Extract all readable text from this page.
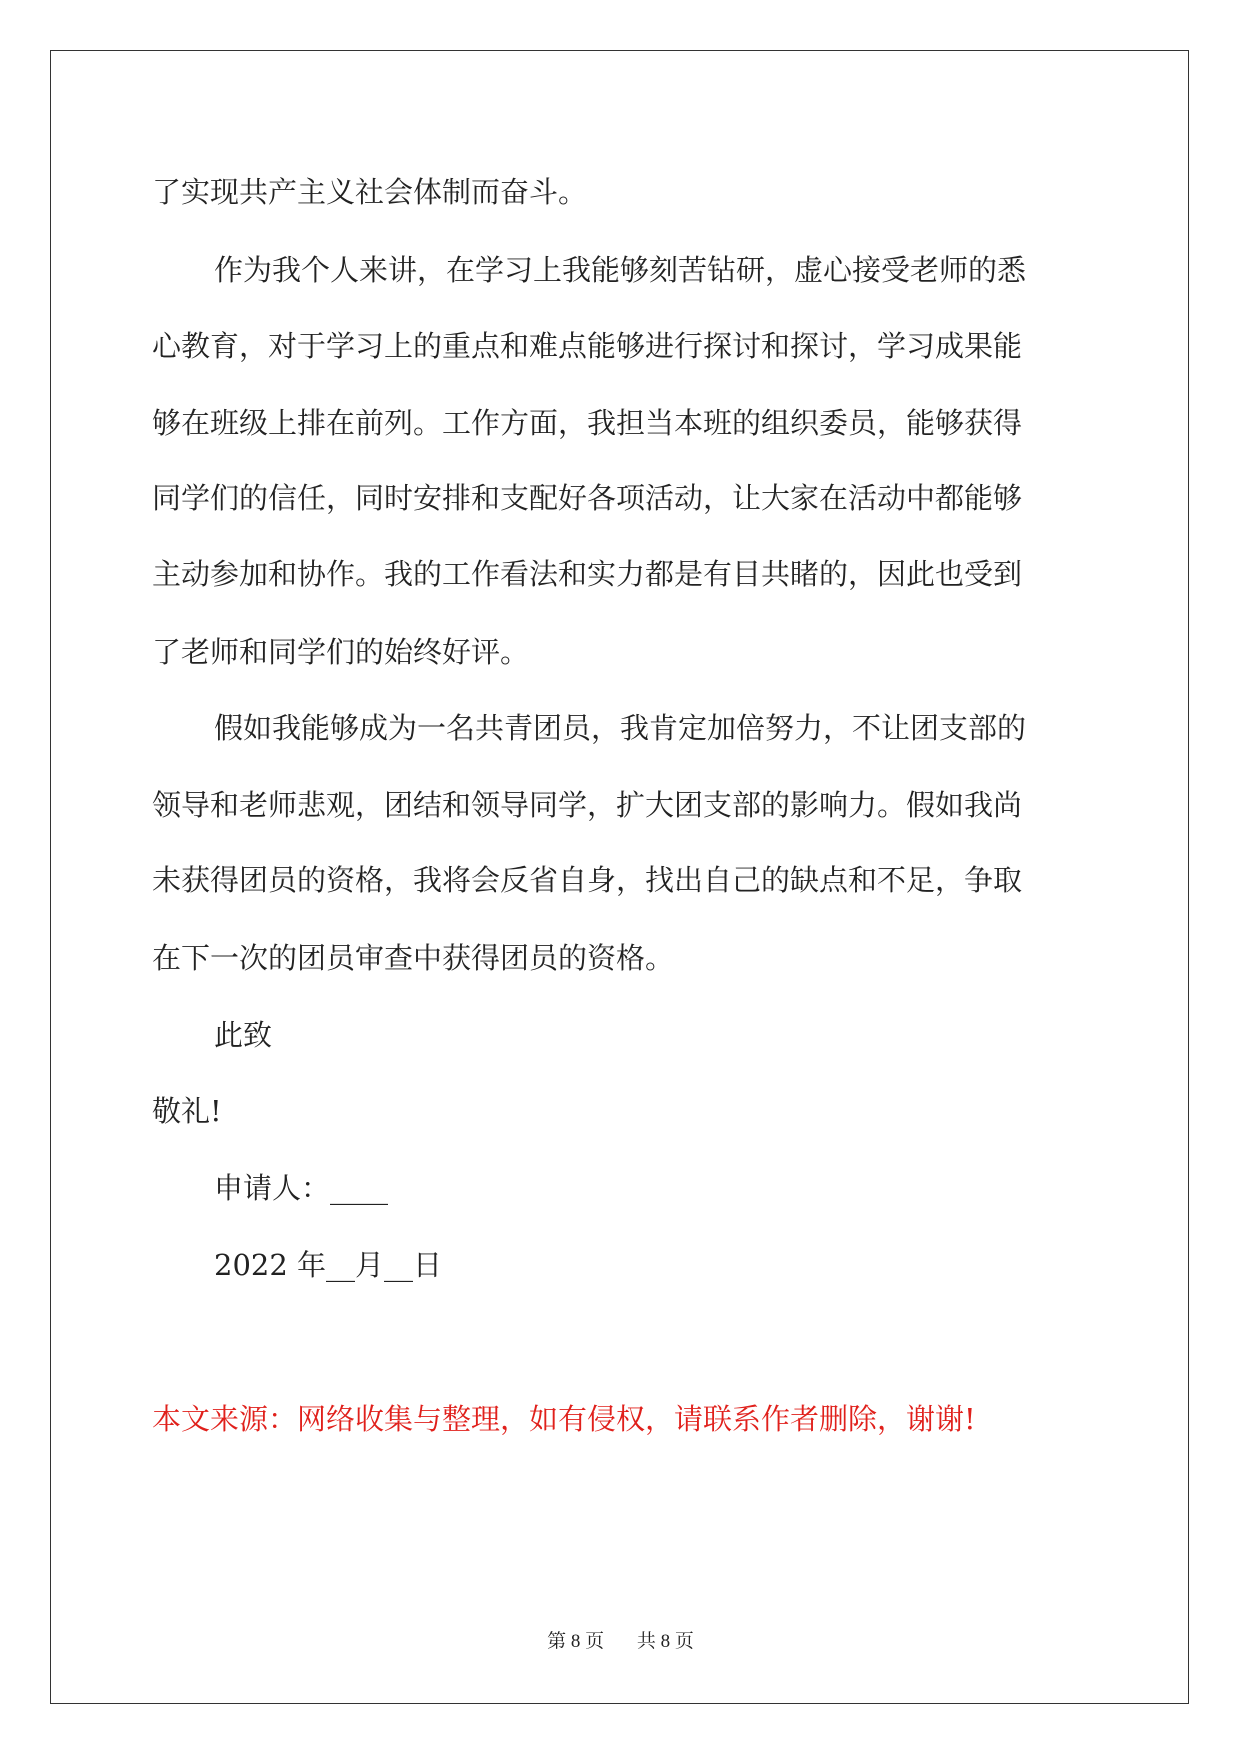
了实现共产主义社会体制而奋斗。
作为我个人来讲，在学习上我能够刻苦钻研，虚心接受老师的悉
心教育，对于学习上的重点和难点能够进行探讨和探讨，学习成果能
够在班级上排在前列。工作方面，我担当本班的组织委员，能够获得
同学们的信任，同时安排和支配好各项活动，让大家在活动中都能够
主动参加和协作。我的工作看法和实力都是有目共睹的，因此也受到
了老师和同学们的始终好评。
假如我能够成为一名共青团员，我肯定加倍努力，不让团支部的
领导和老师悲观，团结和领导同学，扩大团支部的影响力。假如我尚
未获得团员的资格，我将会反省自身，找出自己的缺点和不足，争取
在下一次的团员审查中获得团员的资格。
此致
敬礼!
申请人：____
2022 年__月__日
本文来源：网络收集与整理，如有侵权，请联系作者删除，谢谢!
第 8 页 共 8 页
